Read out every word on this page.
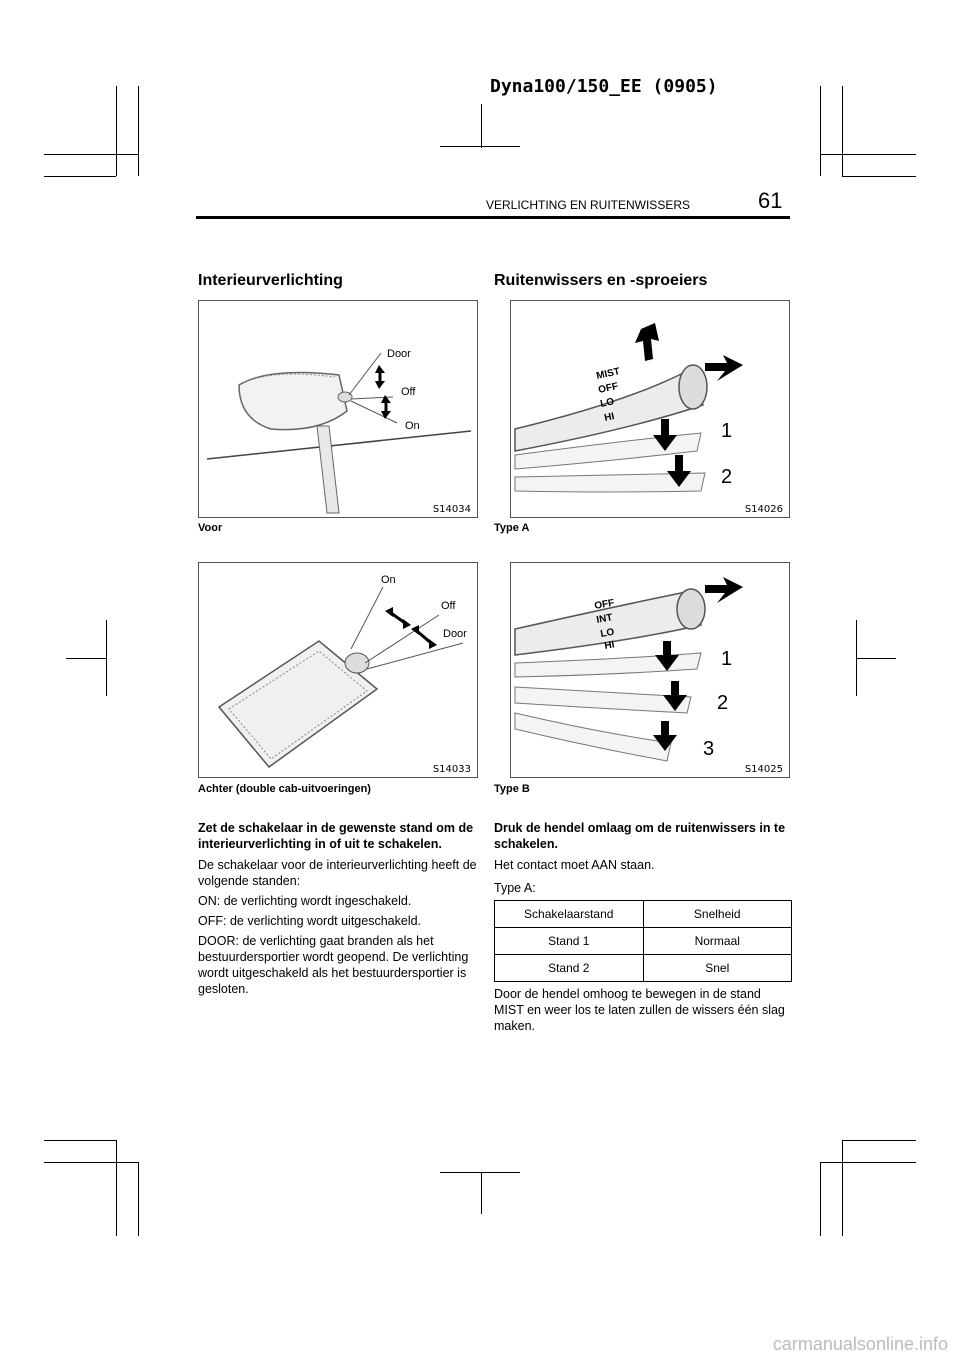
Dyna100/150_EE (0905)
VERLICHTING EN RUITENWISSERS	61
Interieurverlichting
Door
Off
On
S14034
Voor
On
Off
Door
S14033
Achter (double cab‑uitvoeringen)

Zet de schakelaar in de gewenste stand om de interieurverlichting in of uit te schakelen.

De schakelaar voor de interieurverlichting heeft de volgende standen:

ON: de verlichting wordt ingeschakeld.

OFF: de verlichting wordt uitgeschakeld.

DOOR: de verlichting gaat branden als het bestuurdersportier wordt geopend. De verlichting wordt uitgeschakeld als het bestuurdersportier is gesloten.

Ruitenwissers en ‑sproeiers
MIST
OFF
LO
HI
1
2
S14026
Type A
OFF
INT
LO
HI
1
2
3
S14025
Type B

Druk de hendel omlaag om de ruitenwissers in te schakelen.

Het contact moet AAN staan.

Type A:

Schakelaarstand	Snelheid
Stand 1	Normaal
Stand 2	Snel

Door de hendel omhoog te bewegen in de stand MIST en weer los te laten zullen de wissers één slag maken.

carmanualsonline.info
